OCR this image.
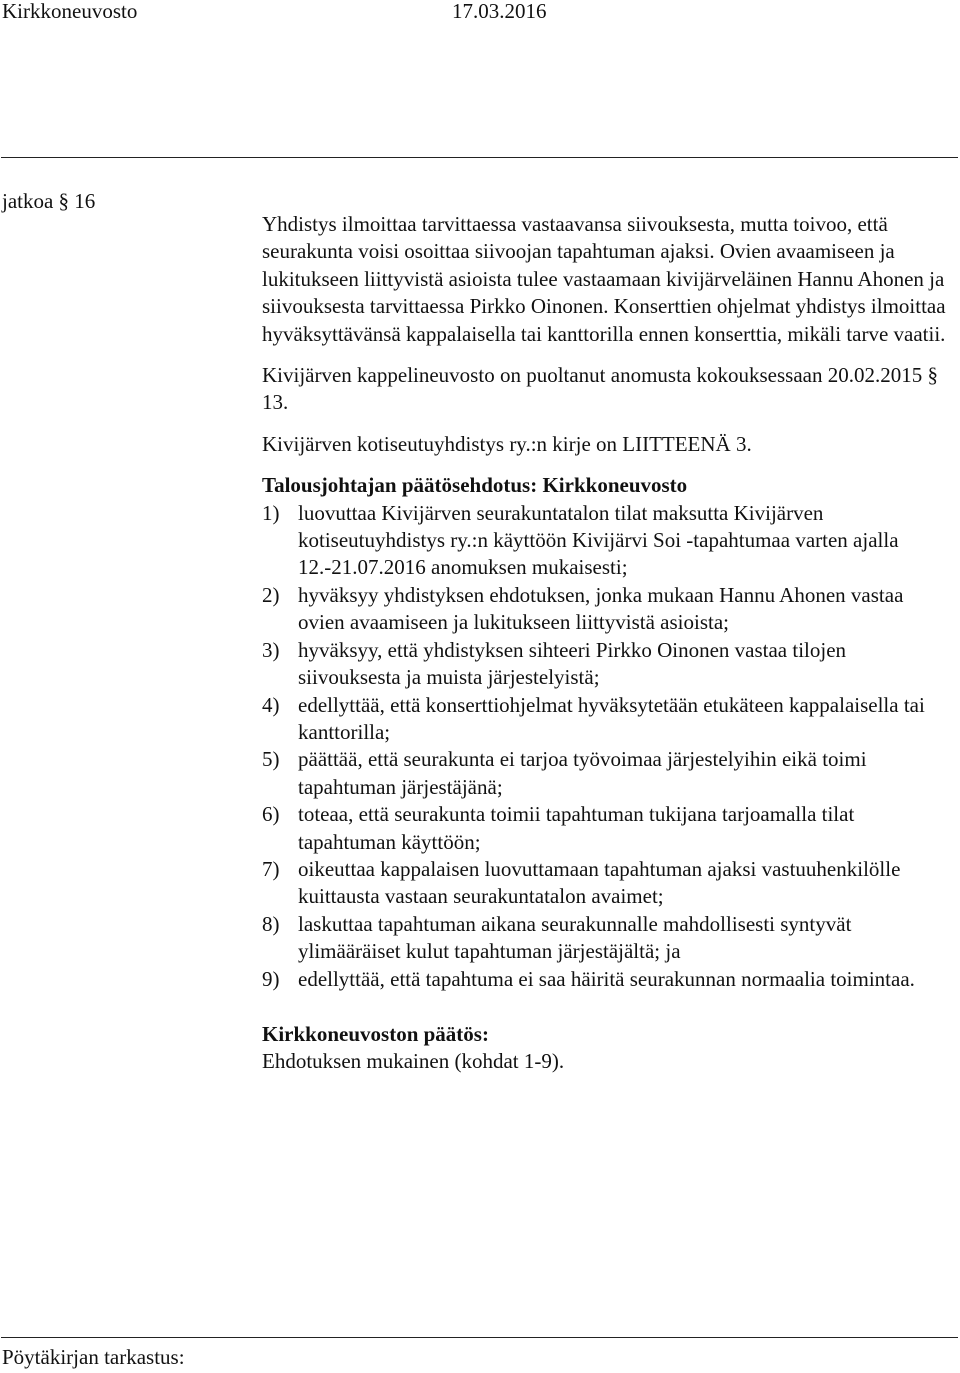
Kirkkoneuvosto	17.03.2016
jatkoa § 16

Yhdistys ilmoittaa tarvittaessa vastaavansa siivouksesta, mutta toivoo, että seurakunta voisi osoittaa siivoojan tapahtuman ajaksi. Ovien avaamiseen ja lukitukseen liittyvistä asioista tulee vastaamaan kivijärveläinen Hannu Ahonen ja siivouksesta tarvittaessa Pirkko Oinonen. Konserttien ohjelmat yhdistys ilmoittaa hyväksyttävänsä kappalaisella tai kanttorilla ennen konserttia, mikäli tarve vaatii.

Kivijärven kappelineuvosto on puoltanut anomusta kokouksessaan 20.02.2015 § 13.

Kivijärven kotiseutuyhdistys ry.:n kirje on LIITTEENÄ 3.

Talousjohtajan päätösehdotus: Kirkkoneuvosto

1) luovuttaa Kivijärven seurakuntatalon tilat maksutta Kivijärven kotiseutuyhdistys ry.:n käyttöön Kivijärvi Soi -tapahtumaa varten ajalla 12.-21.07.2016 anomuksen mukaisesti;
2) hyväksyy yhdistyksen ehdotuksen, jonka mukaan Hannu Ahonen vastaa ovien avaamiseen ja lukitukseen liittyvistä asioista;
3) hyväksyy, että yhdistyksen sihteeri Pirkko Oinonen vastaa tilojen siivouksesta ja muista järjestelyistä;
4) edellyttää, että konserttiohjelmat hyväksytetään etukäteen kappalaisella tai kanttorilla;
5) päättää, että seurakunta ei tarjoa työvoimaa järjestelyihin eikä toimi tapahtuman järjestäjänä;
6) toteaa, että seurakunta toimii tapahtuman tukijana tarjoamalla tilat tapahtuman käyttöön;
7) oikeuttaa kappalaisen luovuttamaan tapahtuman ajaksi vastuuhenkilölle kuittausta vastaan seurakuntatalon avaimet;
8) laskuttaa tapahtuman aikana seurakunnalle mahdollisesti syntyvät ylimääräiset kulut tapahtuman järjestäjältä; ja
9) edellyttää, että tapahtuma ei saa häiritä seurakunnan normaalia toimintaa.

Kirkkoneuvoston päätös:

Ehdotuksen mukainen (kohdat 1-9).

Pöytäkirjan tarkastus:
